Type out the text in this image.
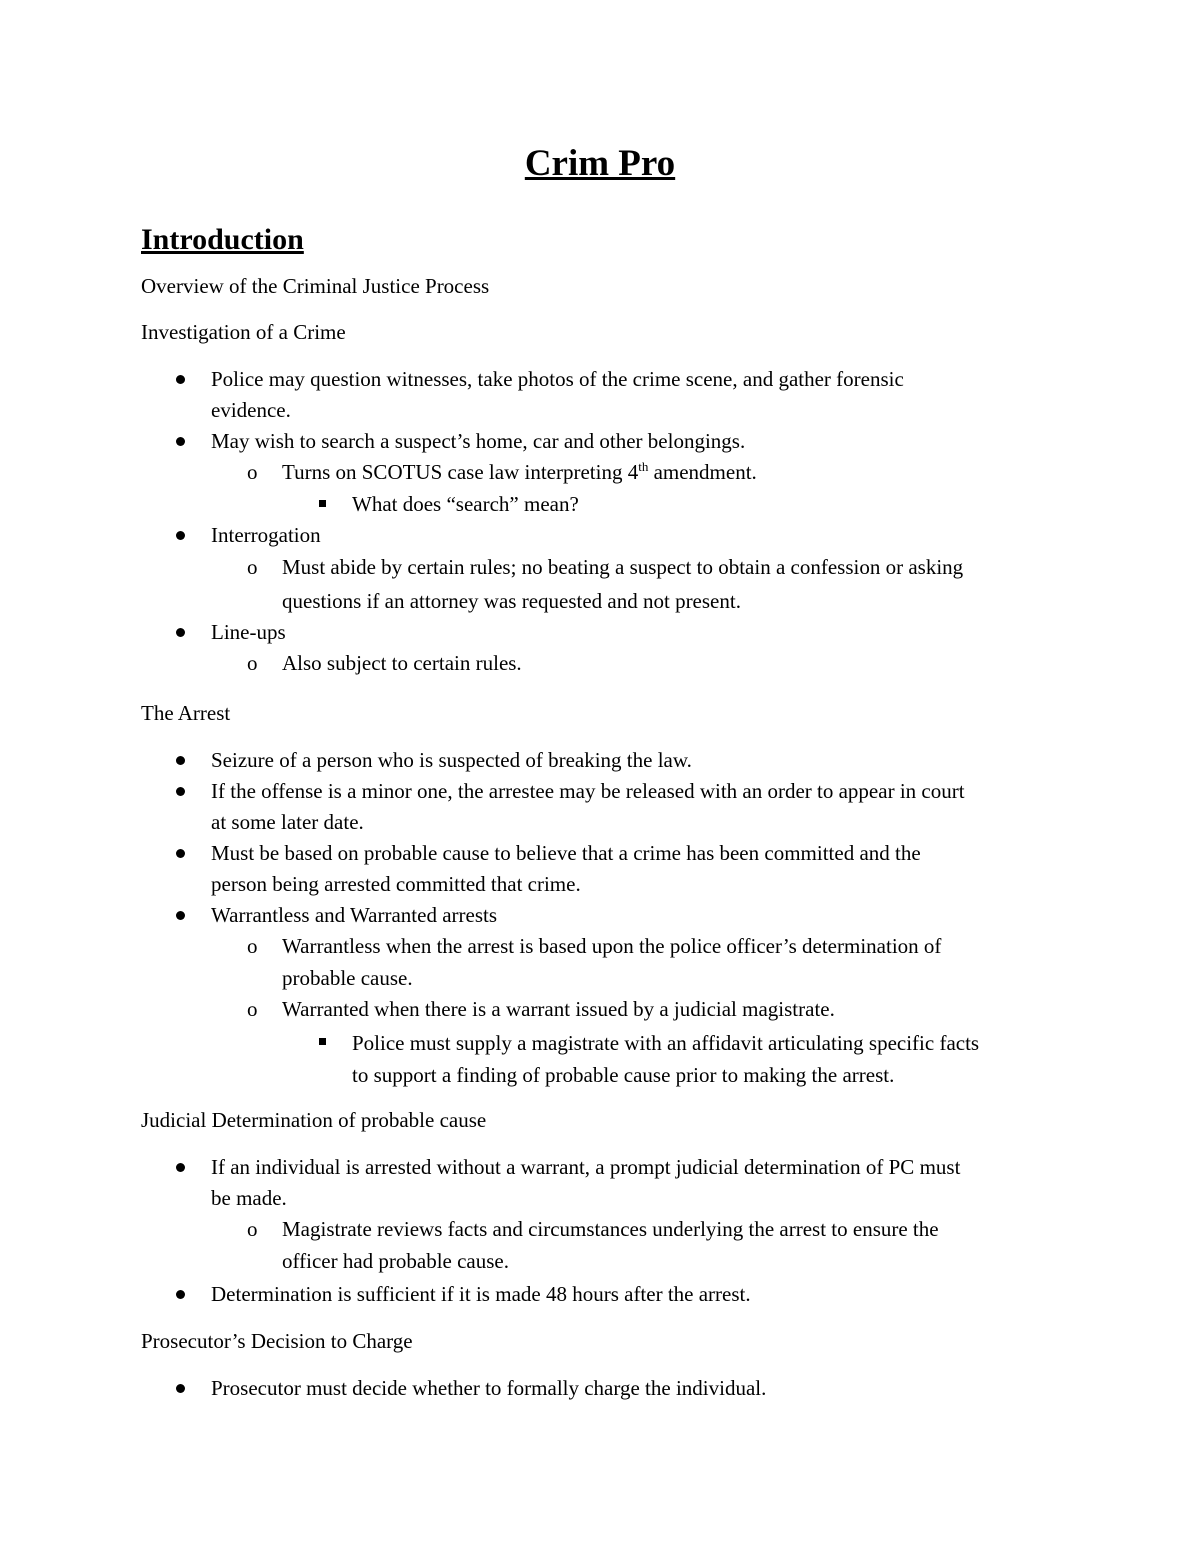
Crim Pro
Introduction
Overview of the Criminal Justice Process
Investigation of a Crime
Police may question witnesses, take photos of the crime scene, and gather forensic
evidence.
May wish to search a suspect’s home, car and other belongings.
o Turns on SCOTUS case law interpreting 4th amendment.
What does “search” mean?
Interrogation
o Must abide by certain rules; no beating a suspect to obtain a confession or asking
questions if an attorney was requested and not present.
Line-ups
o Also subject to certain rules.
The Arrest
Seizure of a person who is suspected of breaking the law.
If the offense is a minor one, the arrestee may be released with an order to appear in court
at some later date.
Must be based on probable cause to believe that a crime has been committed and the
person being arrested committed that crime.
Warrantless and Warranted arrests
o Warrantless when the arrest is based upon the police officer’s determination of
probable cause.
o Warranted when there is a warrant issued by a judicial magistrate.
Police must supply a magistrate with an affidavit articulating specific facts
to support a finding of probable cause prior to making the arrest.
Judicial Determination of probable cause
If an individual is arrested without a warrant, a prompt judicial determination of PC must
be made.
o Magistrate reviews facts and circumstances underlying the arrest to ensure the
officer had probable cause.
Determination is sufficient if it is made 48 hours after the arrest.
Prosecutor’s Decision to Charge
Prosecutor must decide whether to formally charge the individual.
